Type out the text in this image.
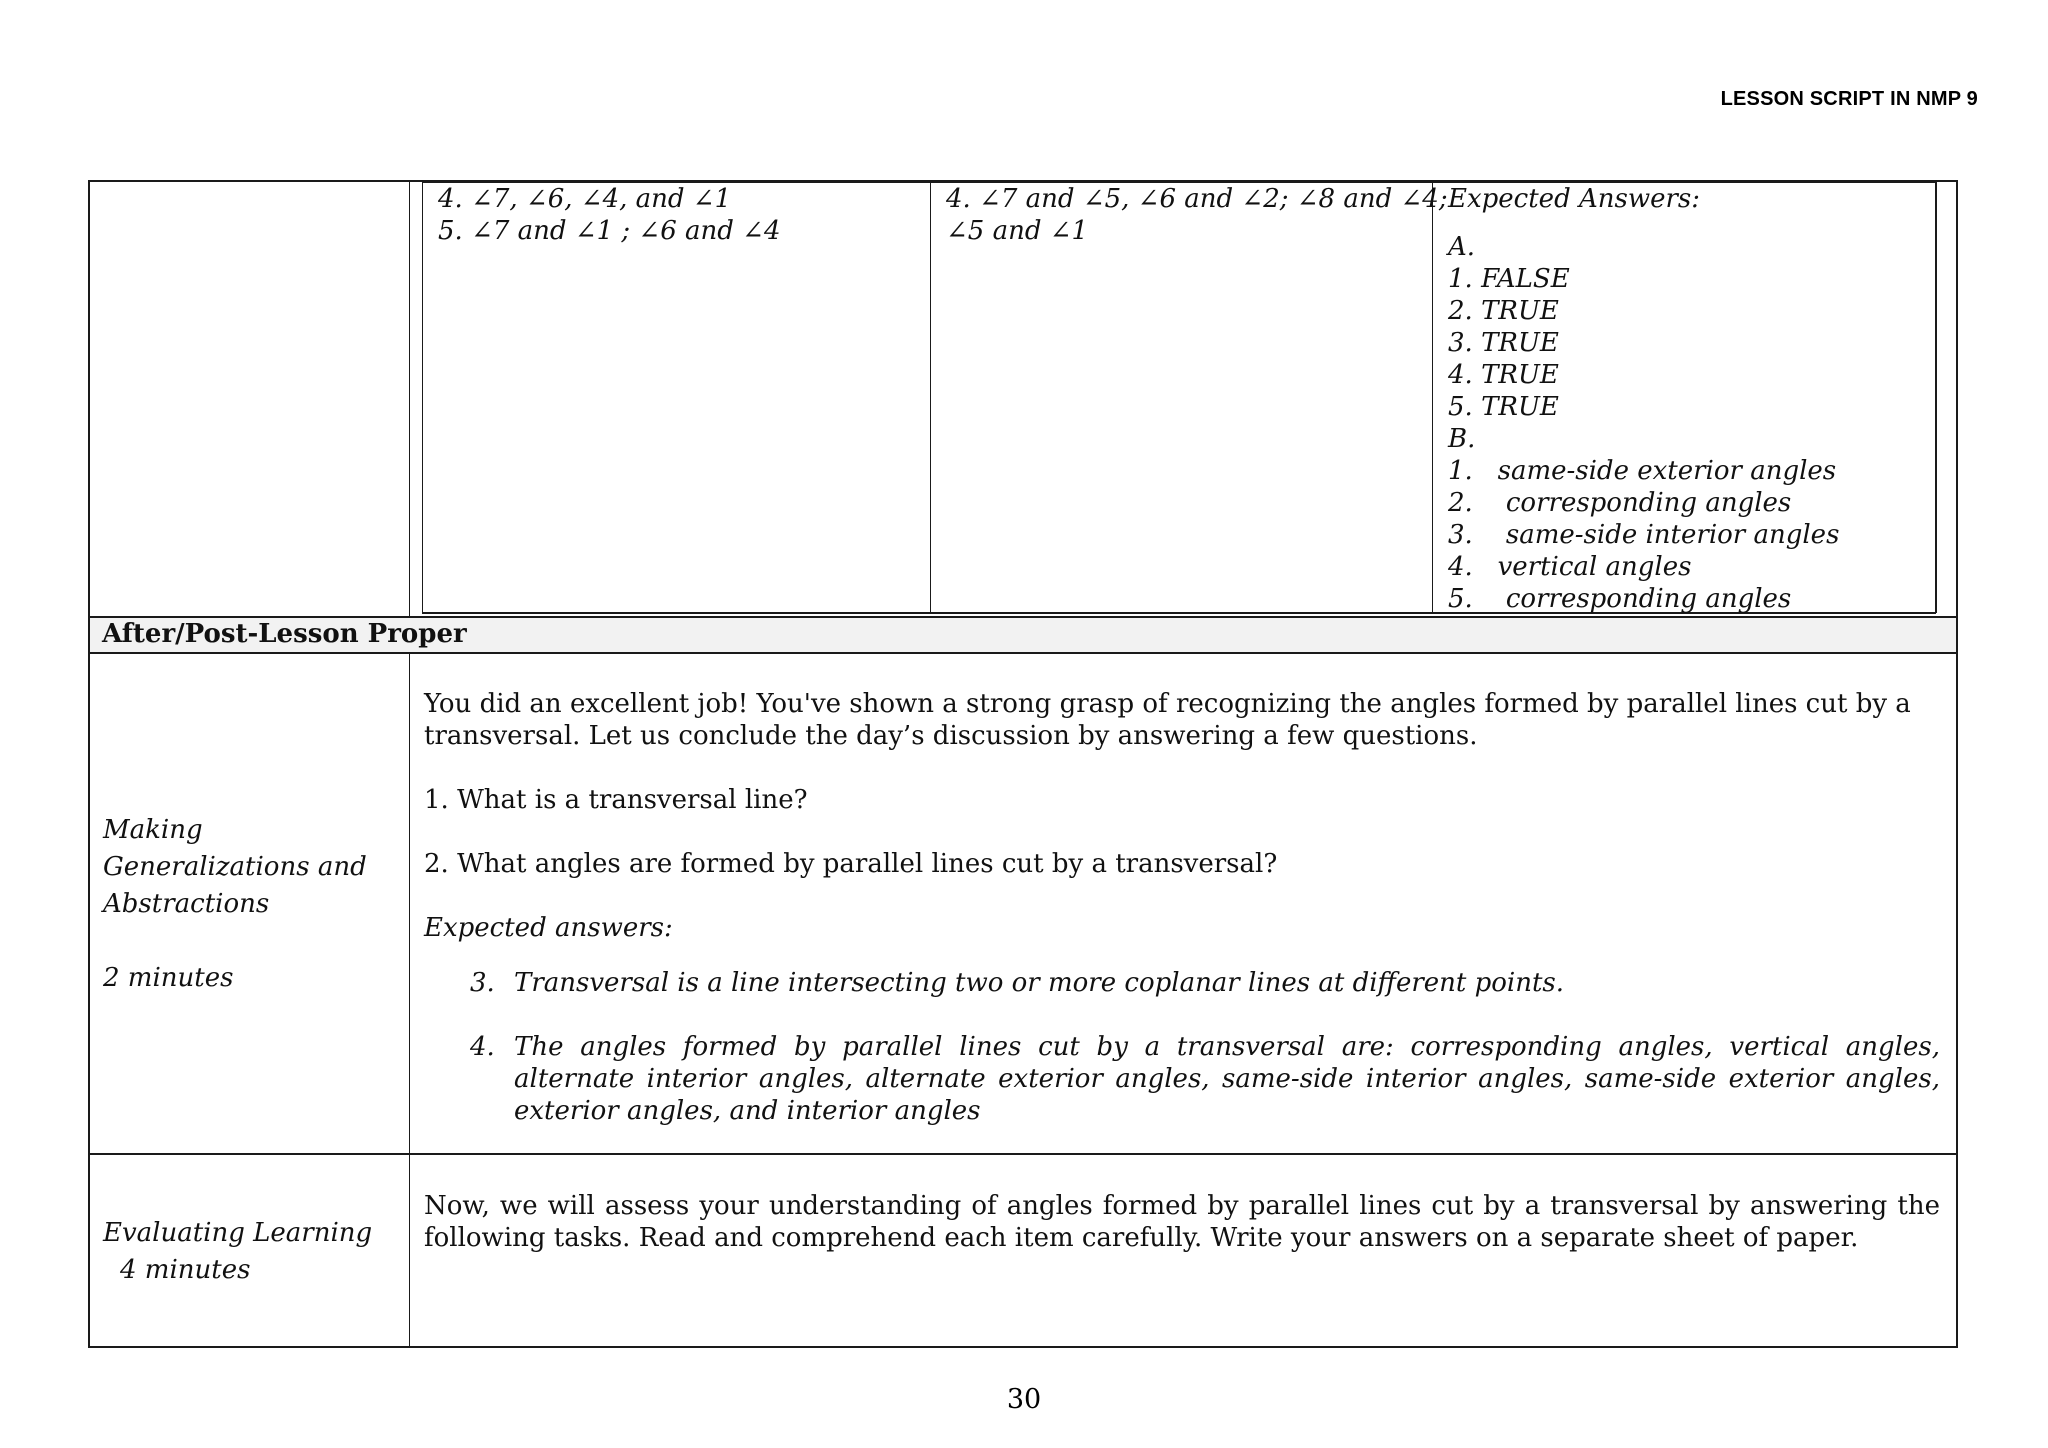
LESSON SCRIPT IN NMP 9
4. ∠7, ∠6, ∠4, and ∠1
5. ∠7 and ∠1 ; ∠6 and ∠4
4. ∠7 and ∠5, ∠6 and ∠2; ∠8 and ∠4;
∠5 and ∠1
Expected Answers:
A.
1. FALSE
2. TRUE
3. TRUE
4. TRUE
5. TRUE
B.
1.   same-side exterior angles
2.    corresponding angles
3.    same-side interior angles
4.   vertical angles
5.    corresponding angles
After/Post-Lesson Proper
Making
Generalizations and
Abstractions
2 minutes

You did an excellent job! You've shown a strong grasp of recognizing the angles formed by parallel lines cut by a transversal. Let us conclude the day’s discussion by answering a few questions.

1. What is a transversal line?

2. What angles are formed by parallel lines cut by a transversal?

Expected answers:

3. Transversal is a line intersecting two or more coplanar lines at different points.
4. The angles formed by parallel lines cut by a transversal are: corresponding angles, vertical angles, alternate interior angles, alternate exterior angles, same-side interior angles, same-side exterior angles, exterior angles, and interior angles
Evaluating Learning
4 minutes
Now, we will assess your understanding of angles formed by parallel lines cut by a transversal by answering the following tasks. Read and comprehend each item carefully. Write your answers on a separate sheet of paper.
30
